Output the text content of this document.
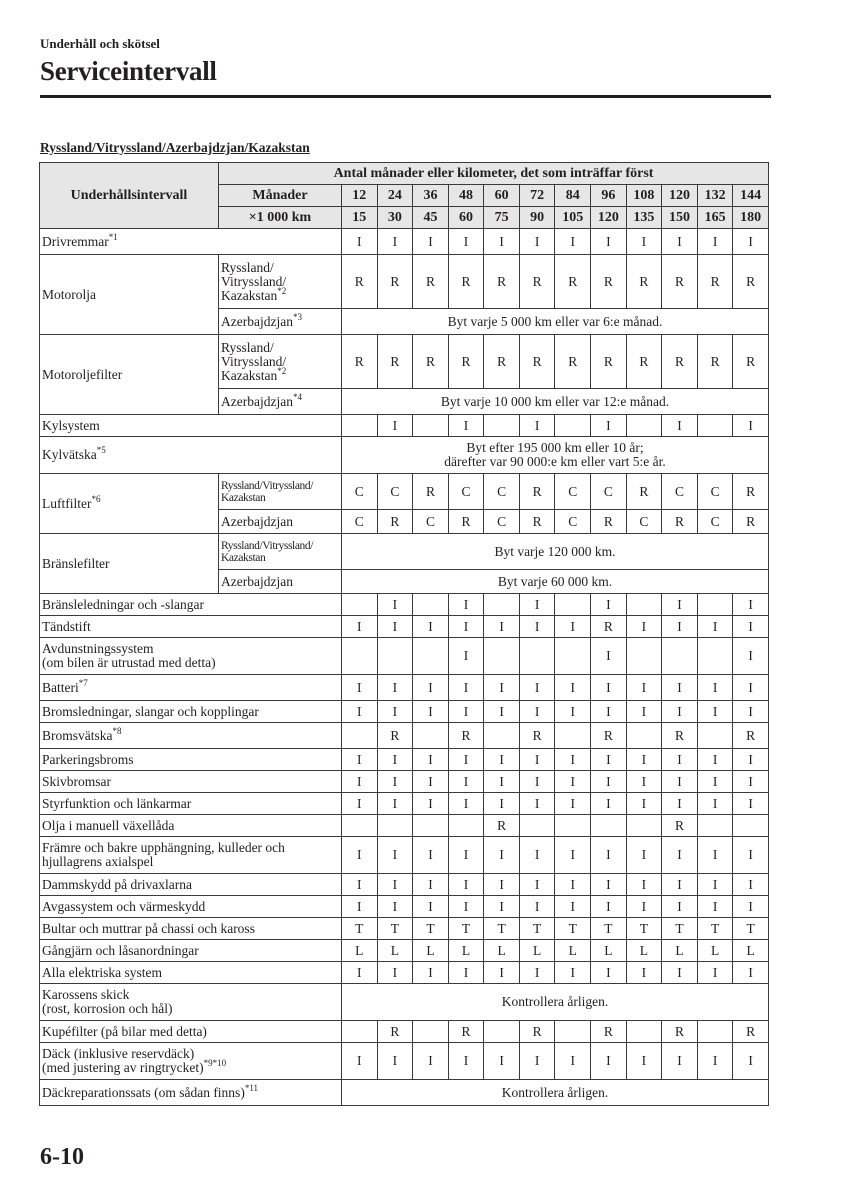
Underhåll och skötsel
Serviceintervall
Ryssland/Vitryssland/Azerbajdzjan/Kazakstan
Underhållsintervall	Antal månader eller kilometer, det som inträffar först												
	Månader	12	24	36	48	60	72	84	96	108	120	132	144
	×1 000 km	15	30	45	60	75	90	105	120	135	150	165	180
Drivremmar$^{*1}$		I	I	I	I	I	I	I	I	I	I	I	I
Motorolja	Ryssland/
Vitryssland/
Kazakstan$^{*2}$	R	R	R	R	R	R	R	R	R	R	R	R
	Azerbajdzjan$^{*3}$	Byt varje 5 000 km eller var 6:e månad.											
Motoroljefilter	Ryssland/
Vitryssland/
Kazakstan$^{*2}$	R	R	R	R	R	R	R	R	R	R	R	R
	Azerbajdzjan$^{*4}$	Byt varje 10 000 km eller var 12:e månad.											
Kylsystem			I		I		I		I		I		I
Kylvätska$^{*5}$		Byt efter 195 000 km eller 10 år;
därefter var 90 000:e km eller vart 5:e år.											
Luftfilter$^{*6}$	Ryssland/Vitryssland/
Kazakstan	C	C	R	C	C	R	C	C	R	C	C	R
	Azerbajdzjan	C	R	C	R	C	R	C	R	C	R	C	R
Bränslefilter	Ryssland/Vitryssland/
Kazakstan	Byt varje 120 000 km.											
	Azerbajdzjan	Byt varje 60 000 km.											
Bränsleledningar och -slangar			I		I		I		I		I		I
Tändstift		I	I	I	I	I	I	I	R	I	I	I	I
Avdunstningssystem
(om bilen är utrustad med detta)					I				I				I
Batteri$^{*7}$		I	I	I	I	I	I	I	I	I	I	I	I
Bromsledningar, slangar och kopplingar		I	I	I	I	I	I	I	I	I	I	I	I
Bromsvätska$^{*8}$			R		R		R		R		R		R
Parkeringsbroms		I	I	I	I	I	I	I	I	I	I	I	I
Skivbromsar		I	I	I	I	I	I	I	I	I	I	I	I
Styrfunktion och länkarmar		I	I	I	I	I	I	I	I	I	I	I	I
Olja i manuell växellåda						R					R		
Främre och bakre upphängning, kulleder och
hjullagrens axialspel		I	I	I	I	I	I	I	I	I	I	I	I
Dammskydd på drivaxlarna		I	I	I	I	I	I	I	I	I	I	I	I
Avgassystem och värmeskydd		I	I	I	I	I	I	I	I	I	I	I	I
Bultar och muttrar på chassi och kaross		T	T	T	T	T	T	T	T	T	T	T	T
Gångjärn och låsanordningar		L	L	L	L	L	L	L	L	L	L	L	L
Alla elektriska system		I	I	I	I	I	I	I	I	I	I	I	I
Karossens skick
(rost, korrosion och hål)		Kontrollera årligen.											
Kupéfilter (på bilar med detta)			R		R		R		R		R		R
Däck (inklusive reservdäck)
(med justering av ringtrycket)$^{*9*10}$		I	I	I	I	I	I	I	I	I	I	I	I
Däckreparationssats (om sådan finns)$^{*11}$		Kontrollera årligen.											
6-10
